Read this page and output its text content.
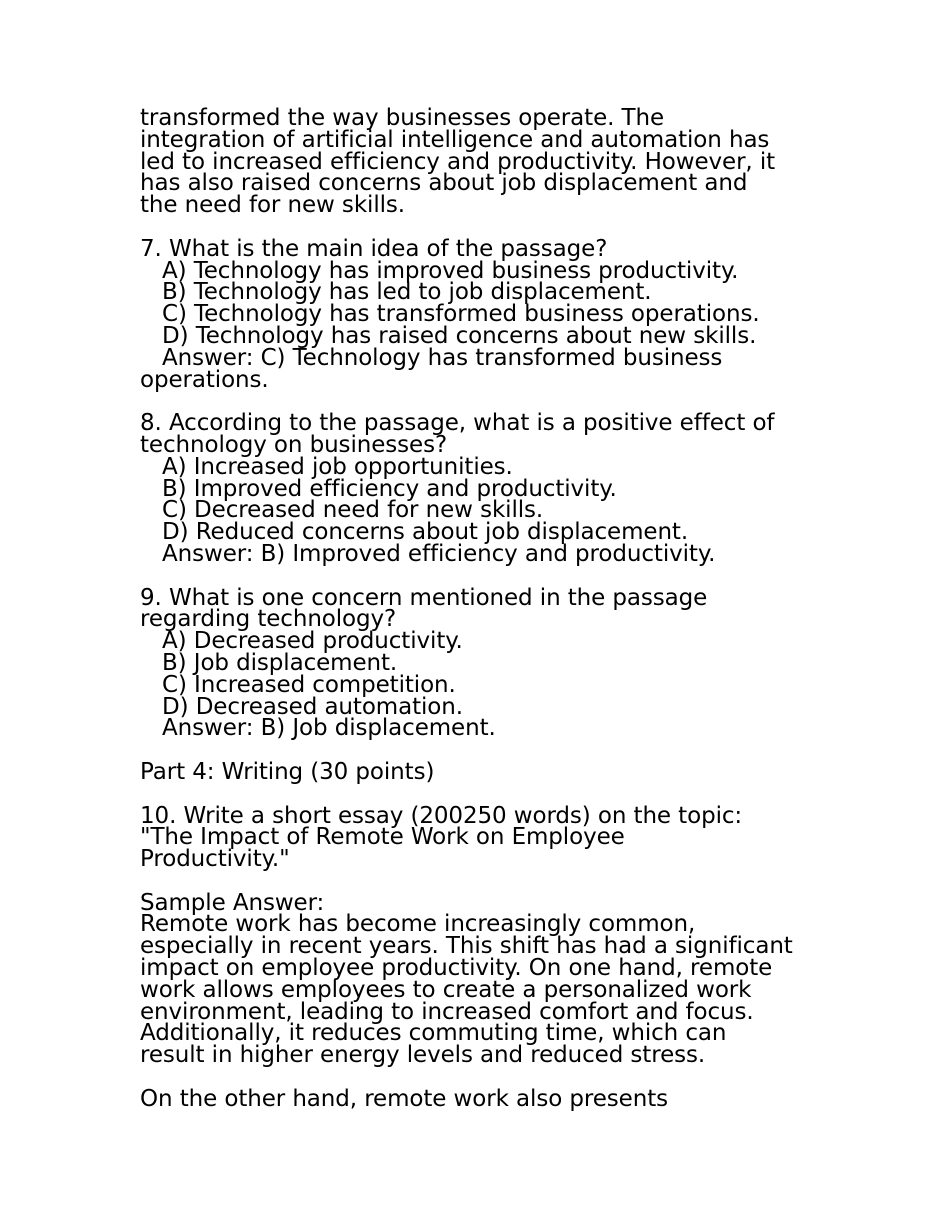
transformed the way businesses operate. The
integration of artificial intelligence and automation has
led to increased efficiency and productivity. However, it
has also raised concerns about job displacement and
the need for new skills.
7. What is the main idea of the passage?
A) Technology has improved business productivity.
B) Technology has led to job displacement.
C) Technology has transformed business operations.
D) Technology has raised concerns about new skills.
Answer: C) Technology has transformed business
operations.
8. According to the passage, what is a positive effect of
technology on businesses?
A) Increased job opportunities.
B) Improved efficiency and productivity.
C) Decreased need for new skills.
D) Reduced concerns about job displacement.
Answer: B) Improved efficiency and productivity.
9. What is one concern mentioned in the passage
regarding technology?
A) Decreased productivity.
B) Job displacement.
C) Increased competition.
D) Decreased automation.
Answer: B) Job displacement.
Part 4: Writing (30 points)
10. Write a short essay (200250 words) on the topic:
"The Impact of Remote Work on Employee
Productivity."
Sample Answer:
Remote work has become increasingly common,
especially in recent years. This shift has had a significant
impact on employee productivity. On one hand, remote
work allows employees to create a personalized work
environment, leading to increased comfort and focus.
Additionally, it reduces commuting time, which can
result in higher energy levels and reduced stress.
On the other hand, remote work also presents
